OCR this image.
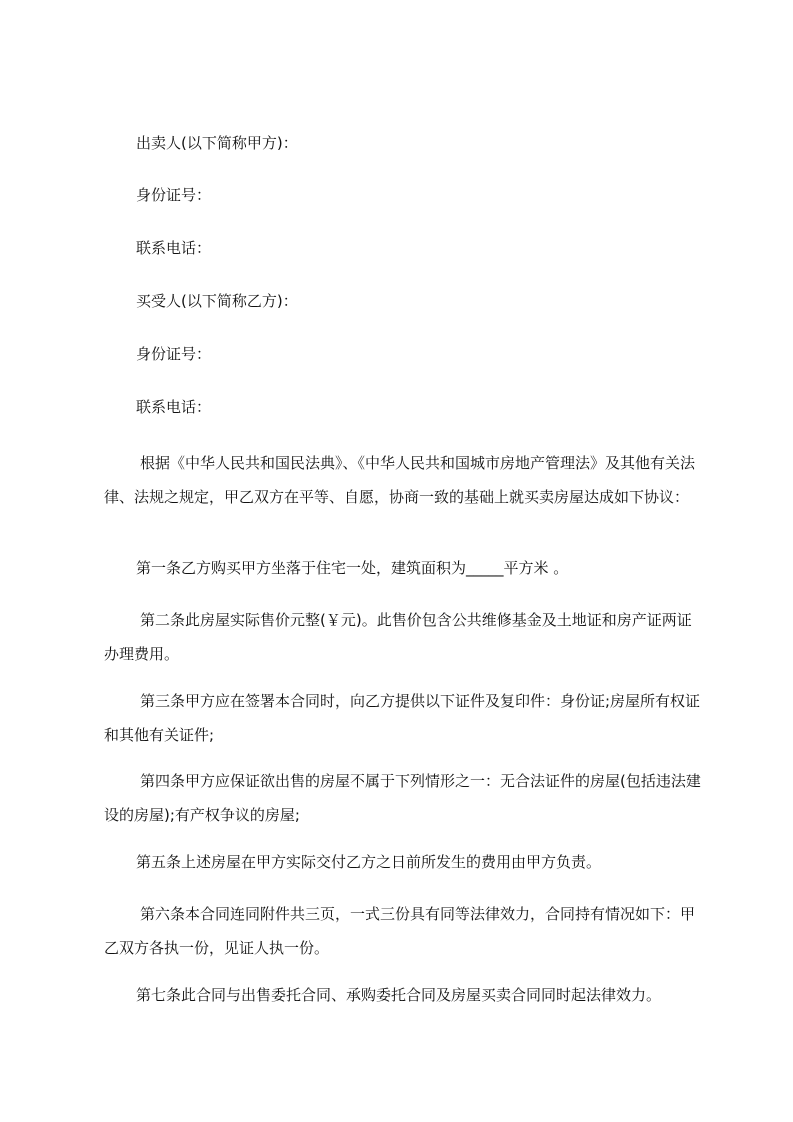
出卖人(以下简称甲方)：

身份证号：

联系电话：

买受人(以下简称乙方)：

身份证号：

联系电话：

根据《中华人民共和国民法典》、《中华人民共和国城市房地产管理法》及其他有关法律、法规之规定，甲乙双方在平等、自愿，协商一致的基础上就买卖房屋达成如下协议：

第一条乙方购买甲方坐落于住宅一处，建筑面积为_____平方米 。

第二条此房屋实际售价元整(￥元)。此售价包含公共维修基金及土地证和房产证两证办理费用。

第三条甲方应在签署本合同时，向乙方提供以下证件及复印件：身份证;房屋所有权证和其他有关证件;

第四条甲方应保证欲出售的房屋不属于下列情形之一：无合法证件的房屋(包括违法建设的房屋);有产权争议的房屋;

第五条上述房屋在甲方实际交付乙方之日前所发生的费用由甲方负责。

第六条本合同连同附件共三页，一式三份具有同等法律效力，合同持有情况如下：甲乙双方各执一份，见证人执一份。

第七条此合同与出售委托合同、承购委托合同及房屋买卖合同同时起法律效力。
